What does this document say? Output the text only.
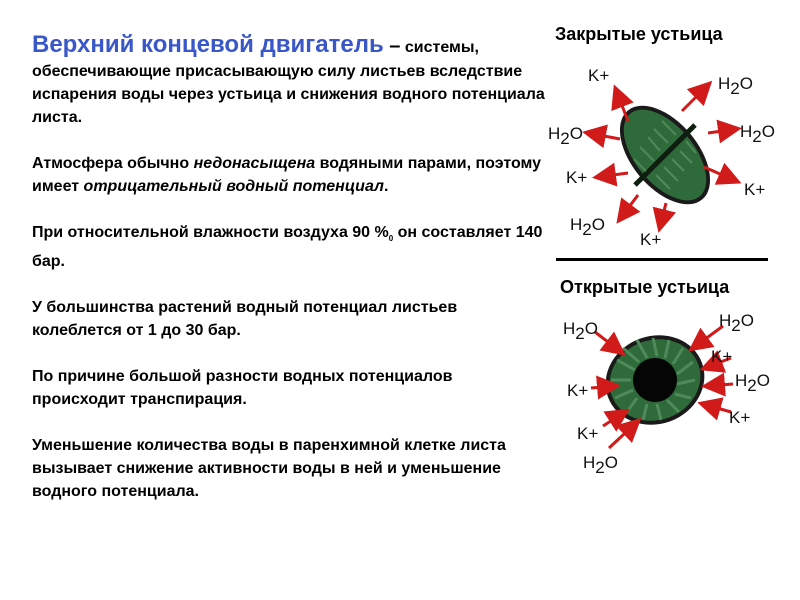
Верхний концевой двигатель – системы, обеспечивающие присасывающую силу листьев вследствие испарения воды через устьица и снижения водного потенциала листа.
Атмосфера обычно недонасыщена водяными парами, поэтому имеет отрицательный водный потенциал.
При относительной влажности воздуха 90 $\%_0$ он составляет 140 бар.
У большинства растений водный потенциал листьев колеблется от 1 до 30 бар.
По причине большой разности водных потенциалов происходит транспирация.
Уменьшение количества воды в паренхимной клетке листа вызывает снижение активности воды в ней и уменьшение водного потенциала.
Закрытые устьица
K+	H2O
H2O	H2O
K+
K+
H2O
K+
Открытые устьица
H2O	H2O
K+
K+
H2O
K+
K+
H2O
